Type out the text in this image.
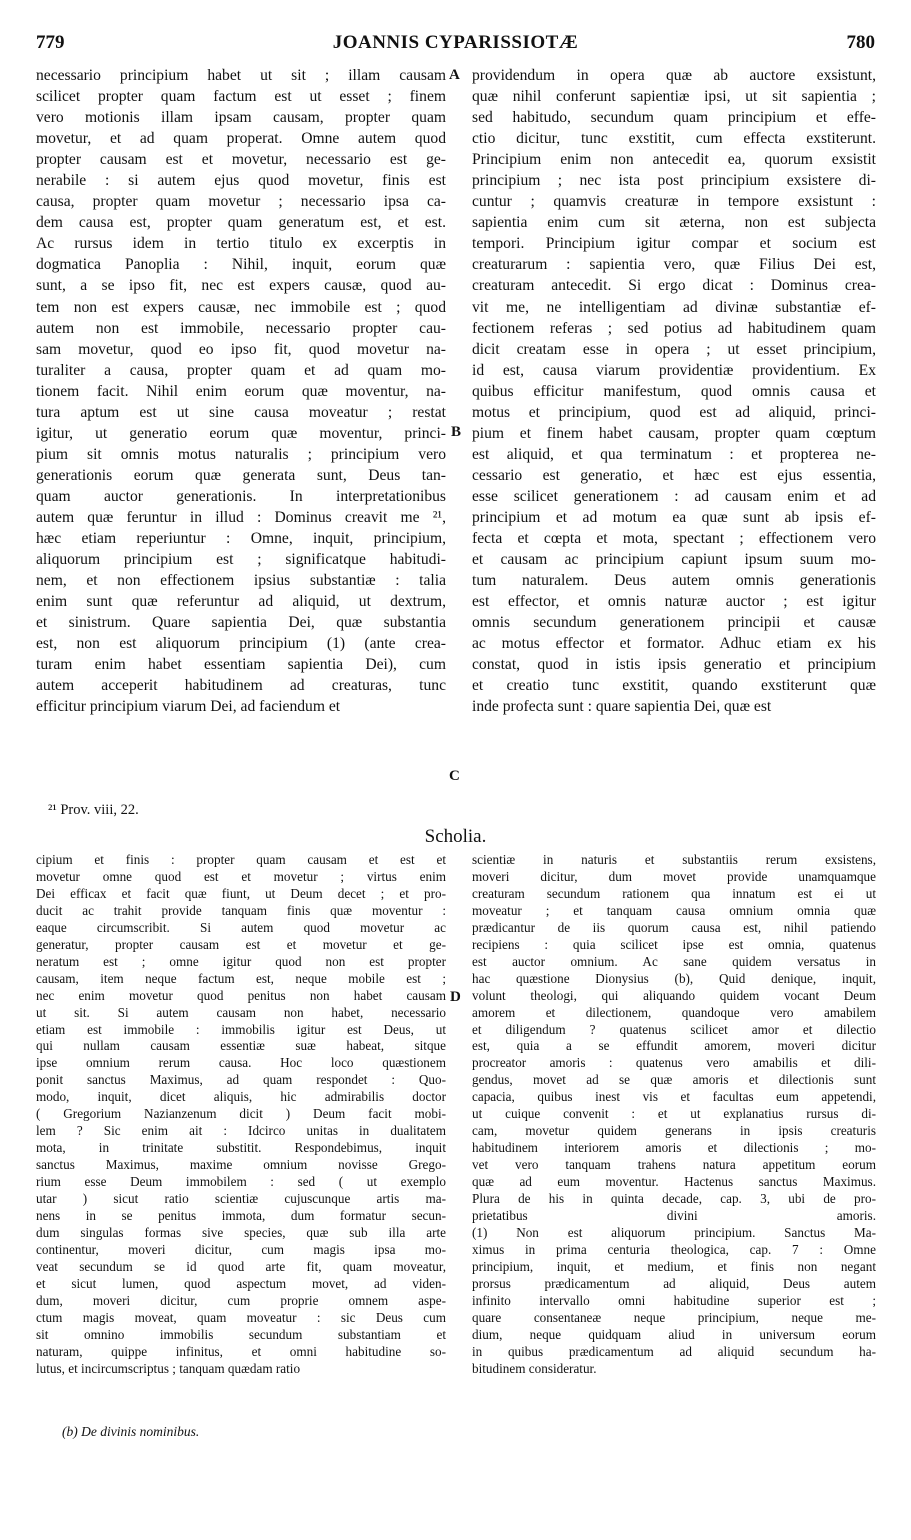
779	JOANNIS CYPARISSIOTÆ	780
necessario principium habet ut sit ; illam causam
scilicet propter quam factum est ut esset ; finem
vero motionis illam ipsam causam, propter quam
movetur, et ad quam properat. Omne autem quod
propter causam est et movetur, necessario est ge-
nerabile : si autem ejus quod movetur, finis est
causa, propter quam movetur ; necessario ipsa ca-
dem causa est, propter quam generatum est, et est.
Ac rursus idem in tertio titulo ex excerptis in
dogmatica Panoplia : Nihil, inquit, eorum quæ
sunt, a se ipso fit, nec est expers causæ, quod au-
tem non est expers causæ, nec immobile est ; quod
autem non est immobile, necessario propter cau-
sam movetur, quod eo ipso fit, quod movetur na-
turaliter a causa, propter quam et ad quam mo-
tionem facit. Nihil enim eorum quæ moventur, na-
tura aptum est ut sine causa moveatur ; restat
igitur, ut generatio eorum quæ moventur, princi-
pium sit omnis motus naturalis ; principium vero
generationis eorum quæ generata sunt, Deus tan-
quam auctor generationis. In interpretationibus
autem quæ feruntur in illud : Dominus creavit me ²¹,
hæc etiam reperiuntur : Omne, inquit, principium,
aliquorum principium est ; significatque habitudi-
nem, et non effectionem ipsius substantiæ : talia
enim sunt quæ referuntur ad aliquid, ut dextrum,
et sinistrum. Quare sapientia Dei, quæ substantia
est, non est aliquorum principium (1) (ante crea-
turam enim habet essentiam sapientia Dei), cum
autem acceperit habitudinem ad creaturas, tunc
efficitur principium viarum Dei, ad faciendum et
providendum in opera quæ ab auctore exsistunt,
quæ nihil conferunt sapientiæ ipsi, ut sit sapientia ;
sed habitudo, secundum quam principium et effe-
ctio dicitur, tunc exstitit, cum effecta exstiterunt.
Principium enim non antecedit ea, quorum exsistit
principium ; nec ista post principium exsistere di-
cuntur ; quamvis creaturæ in tempore exsistunt :
sapientia enim cum sit æterna, non est subjecta
tempori. Principium igitur compar et socium est
creaturarum : sapientia vero, quæ Filius Dei est,
creaturam antecedit. Si ergo dicat : Dominus crea-
vit me, ne intelligentiam ad divinæ substantiæ ef-
fectionem referas ; sed potius ad habitudinem quam
dicit creatam esse in opera ; ut esset principium,
id est, causa viarum providentiæ providentium. Ex
quibus efficitur manifestum, quod omnis causa et
motus et principium, quod est ad aliquid, princi-
pium et finem habet causam, propter quam cœptum
est aliquid, et qua terminatum : et propterea ne-
cessario est generatio, et hæc est ejus essentia,
esse scilicet generationem : ad causam enim et ad
principium et ad motum ea quæ sunt ab ipsis ef-
fecta et cœpta et mota, spectant ; effectionem vero
et causam ac principium capiunt ipsum suum mo-
tum naturalem. Deus autem omnis generationis
est effector, et omnis naturæ auctor ; est igitur
omnis secundum generationem principii et causæ
ac motus effector et formator. Adhuc etiam ex his
constat, quod in istis ipsis generatio et principium
et creatio tunc exstitit, quando exstiterunt quæ
inde profecta sunt : quare sapientia Dei, quæ est
A
B
C
D
²¹ Prov. viii, 22.
Scholia.
cipium et finis : propter quam causam et est et
movetur omne quod est et movetur ; virtus enim
Dei efficax et facit quæ fiunt, ut Deum decet ; et pro-
ducit ac trahit provide tanquam finis quæ moventur :
eaque circumscribit. Si autem quod movetur ac
generatur, propter causam est et movetur et ge-
neratum est ; omne igitur quod non est propter
causam, item neque factum est, neque mobile est ;
nec enim movetur quod penitus non habet causam
ut sit. Si autem causam non habet, necessario
etiam est immobile : immobilis igitur est Deus, ut
qui nullam causam essentiæ suæ habeat, sitque
ipse omnium rerum causa. Hoc loco quæstionem
ponit sanctus Maximus, ad quam respondet : Quo-
modo, inquit, dicet aliquis, hic admirabilis doctor
( Gregorium Nazianzenum dicit ) Deum facit mobi-
lem ? Sic enim ait : Idcirco unitas in dualitatem
mota, in trinitate substitit. Respondebimus, inquit
sanctus Maximus, maxime omnium novisse Grego-
rium esse Deum immobilem : sed ( ut exemplo
utar ) sicut ratio scientiæ cujuscunque artis ma-
nens in se penitus immota, dum formatur secun-
dum singulas formas sive species, quæ sub illa arte
continentur, moveri dicitur, cum magis ipsa mo-
veat secundum se id quod arte fit, quam moveatur,
et sicut lumen, quod aspectum movet, ad viden-
dum, moveri dicitur, cum proprie omnem aspe-
ctum magis moveat, quam moveatur : sic Deus cum
sit omnino immobilis secundum substantiam et
naturam, quippe infinitus, et omni habitudine so-
lutus, et incircumscriptus ; tanquam quædam ratio
scientiæ in naturis et substantiis rerum exsistens,
moveri dicitur, dum movet provide unamquamque
creaturam secundum rationem qua innatum est ei ut
moveatur ; et tanquam causa omnium omnia quæ
prædicantur de iis quorum causa est, nihil patiendo
recipiens : quia scilicet ipse est omnia, quatenus
est auctor omnium. Ac sane quidem versatus in
hac quæstione Dionysius (b), Quid denique, inquit,
volunt theologi, qui aliquando quidem vocant Deum
amorem et dilectionem, quandoque vero amabilem
et diligendum ? quatenus scilicet amor et dilectio
est, quia a se effundit amorem, moveri dicitur
procreator amoris : quatenus vero amabilis et dili-
gendus, movet ad se quæ amoris et dilectionis sunt
capacia, quibus inest vis et facultas eum appetendi,
ut cuique convenit : et ut explanatius rursus di-
cam, movetur quidem generans in ipsis creaturis
habitudinem interiorem amoris et dilectionis ; mo-
vet vero tanquam trahens natura appetitum eorum
quæ ad eum moventur. Hactenus sanctus Maximus.
Plura de his in quinta decade, cap. 3, ubi de pro-
prietatibus divini amoris.
(1) Non est aliquorum principium. Sanctus Ma-
ximus in prima centuria theologica, cap. 7 : Omne
principium, inquit, et medium, et finis non negant
prorsus prædicamentum ad aliquid, Deus autem
infinito intervallo omni habitudine superior est ;
quare consentaneæ neque principium, neque me-
dium, neque quidquam aliud in universum eorum
in quibus prædicamentum ad aliquid secundum ha-
bitudinem consideratur.
(b) De divinis nominibus.
